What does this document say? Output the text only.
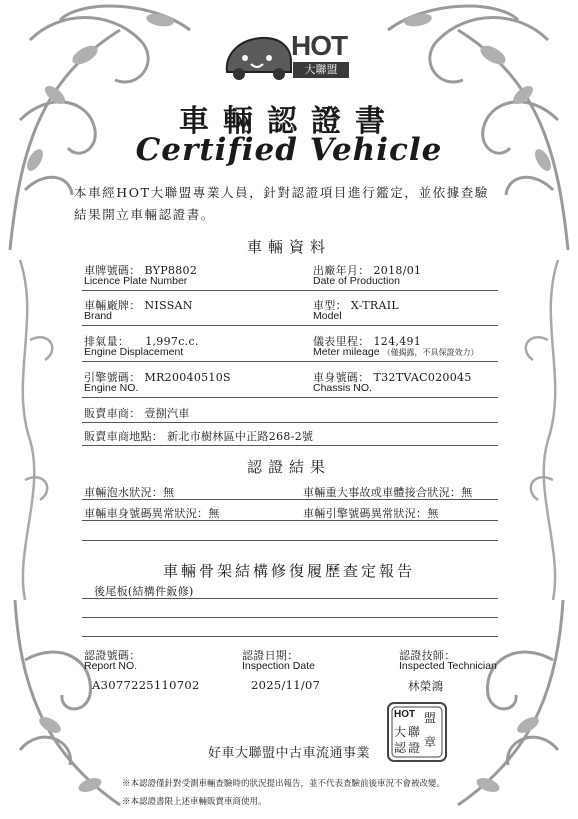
HOT
大聯盟
車輛認證書
Certified Vehicle
本車經HOT大聯盟專業人員，針對認證項目進行鑑定，並依據查驗
結果開立車輛認證書。
車輛資料
車牌號碼： BYP8802
Licence Plate Number
出廠年月： 2018/01
Date of Production
車輛廠牌： NISSAN
Brand
車型： X-TRAIL
Model
排氣量： 1,997c.c.
Engine Displacement
儀表里程： 124,491
Meter mileage （僅揭露，不具保證效力）
引擎號碼： MR20040510S
Engine NO.
車身號碼： T32TVAC020045
Chassis NO.
販賣車商： 壹捌汽車
販賣車商地點： 新北市樹林區中正路268-2號
認證結果
車輛泡水狀況：無	車輛重大事故或車體接合狀況：無
車輛車身號碼異常狀況：無	車輛引擎號碼異常狀況：無
車輛骨架結構修復履歷查定報告
後尾板(結構件鈑修)
認證號碼：
Report NO.
A3077225110702
認證日期：
Inspection Date
2025/11/07
認證技師：
Inspected Technician
林榮鴻
HOT
大 聯
盟
認 證 章
好車大聯盟中古車流通事業
※本認證僅針對受測車輛查驗時的狀況提出報告，並不代表查驗前後車況不會被改變。
※本認證書限上述車輛販賣車商使用。
